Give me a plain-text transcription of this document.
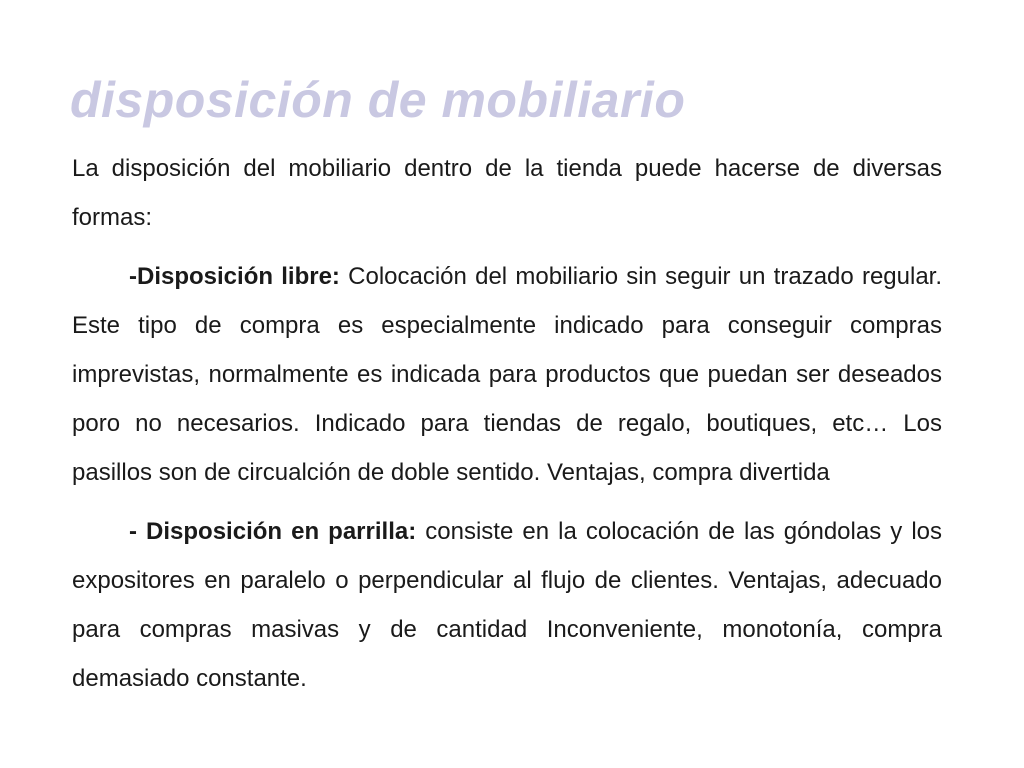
disposición de mobiliario

La disposición del mobiliario dentro de la tienda puede hacerse de diversas formas:

-Disposición libre: Colocación del mobiliario sin seguir un trazado regular. Este tipo de compra es especialmente indicado para conseguir compras imprevistas, normalmente es indicada para productos que puedan ser deseados poro no necesarios. Indicado para tiendas de regalo, boutiques, etc… Los pasillos son de circualción de doble sentido. Ventajas, compra divertida

- Disposición en parrilla: consiste en la colocación de las góndolas y los expositores en paralelo o perpendicular al flujo de clientes. Ventajas, adecuado para compras masivas y de cantidad Inconveniente, monotonía, compra demasiado constante.
